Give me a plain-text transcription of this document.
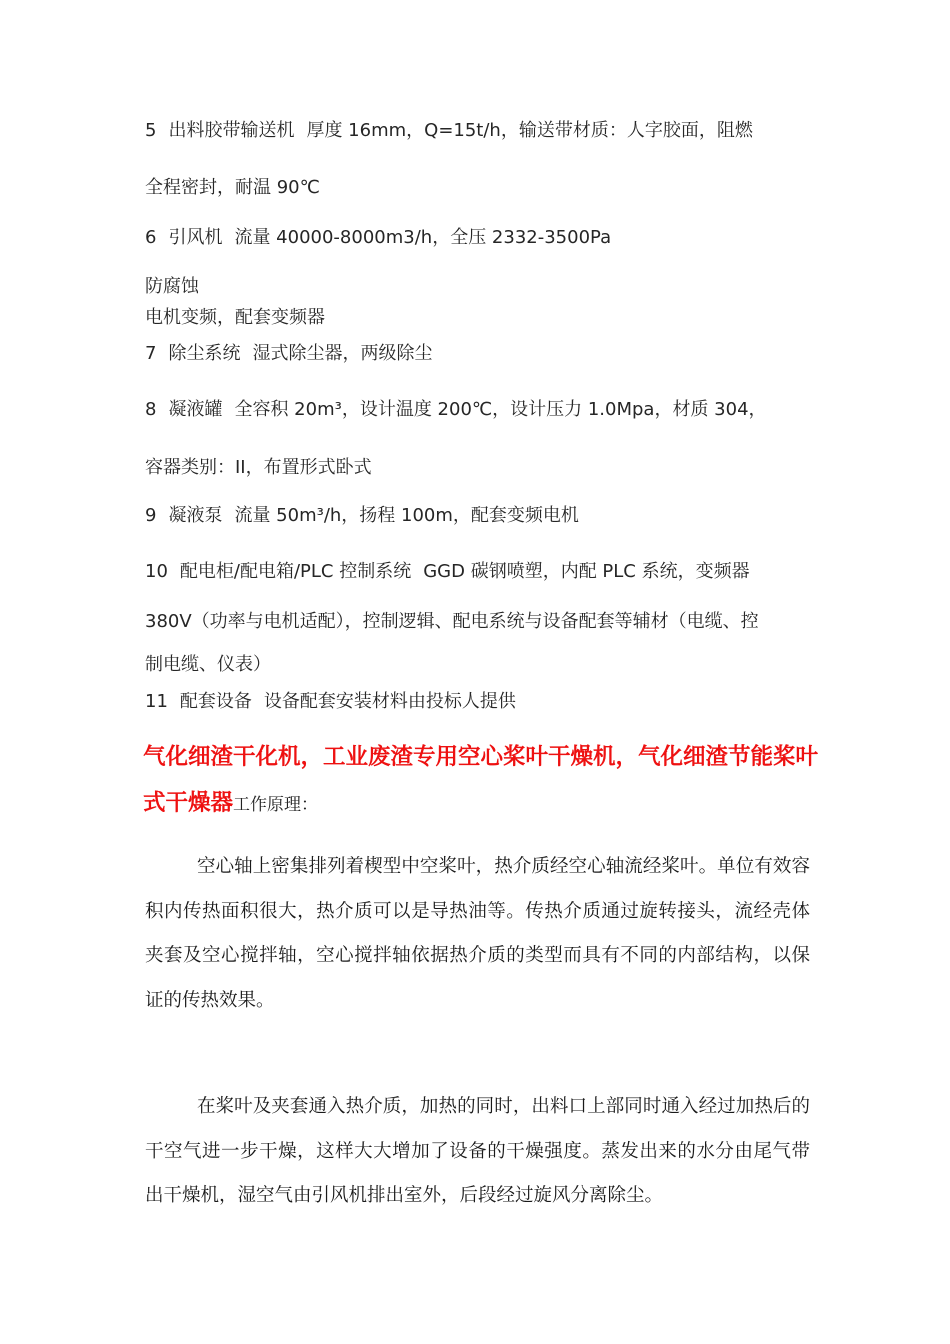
5 出料胶带输送机 厚度 16mm，Q=15t/h，输送带材质：人字胶面，阻燃
全程密封，耐温 90℃
6 引风机 流量 40000-8000m3/h，全压 2332-3500Pa
防腐蚀
电机变频，配套变频器
7 除尘系统 湿式除尘器，两级除尘
8 凝液罐 全容积 20m³，设计温度 200℃，设计压力 1.0Mpa，材质 304，
容器类别：II，布置形式卧式
9 凝液泵 流量 50m³/h，扬程 100m，配套变频电机
10 配电柜/配电箱/PLC 控制系统 GGD 碳钢喷塑，内配 PLC 系统，变频器
380V（功率与电机适配），控制逻辑、配电系统与设备配套等辅材（电缆、控
制电缆、仪表）
11 配套设备 设备配套安装材料由投标人提供
气化细渣干化机，工业废渣专用空心桨叶干燥机，气化细渣节能桨叶式干燥器工作原理：
空心轴上密集排列着楔型中空桨叶，热介质经空心轴流经桨叶。单位有效容积内传热面积很大，热介质可以是导热油等。传热介质通过旋转接头，流经壳体夹套及空心搅拌轴，空心搅拌轴依据热介质的类型而具有不同的内部结构，以保证的传热效果。
在桨叶及夹套通入热介质，加热的同时，出料口上部同时通入经过加热后的干空气进一步干燥，这样大大增加了设备的干燥强度。蒸发出来的水分由尾气带出干燥机，湿空气由引风机排出室外，后段经过旋风分离除尘。
